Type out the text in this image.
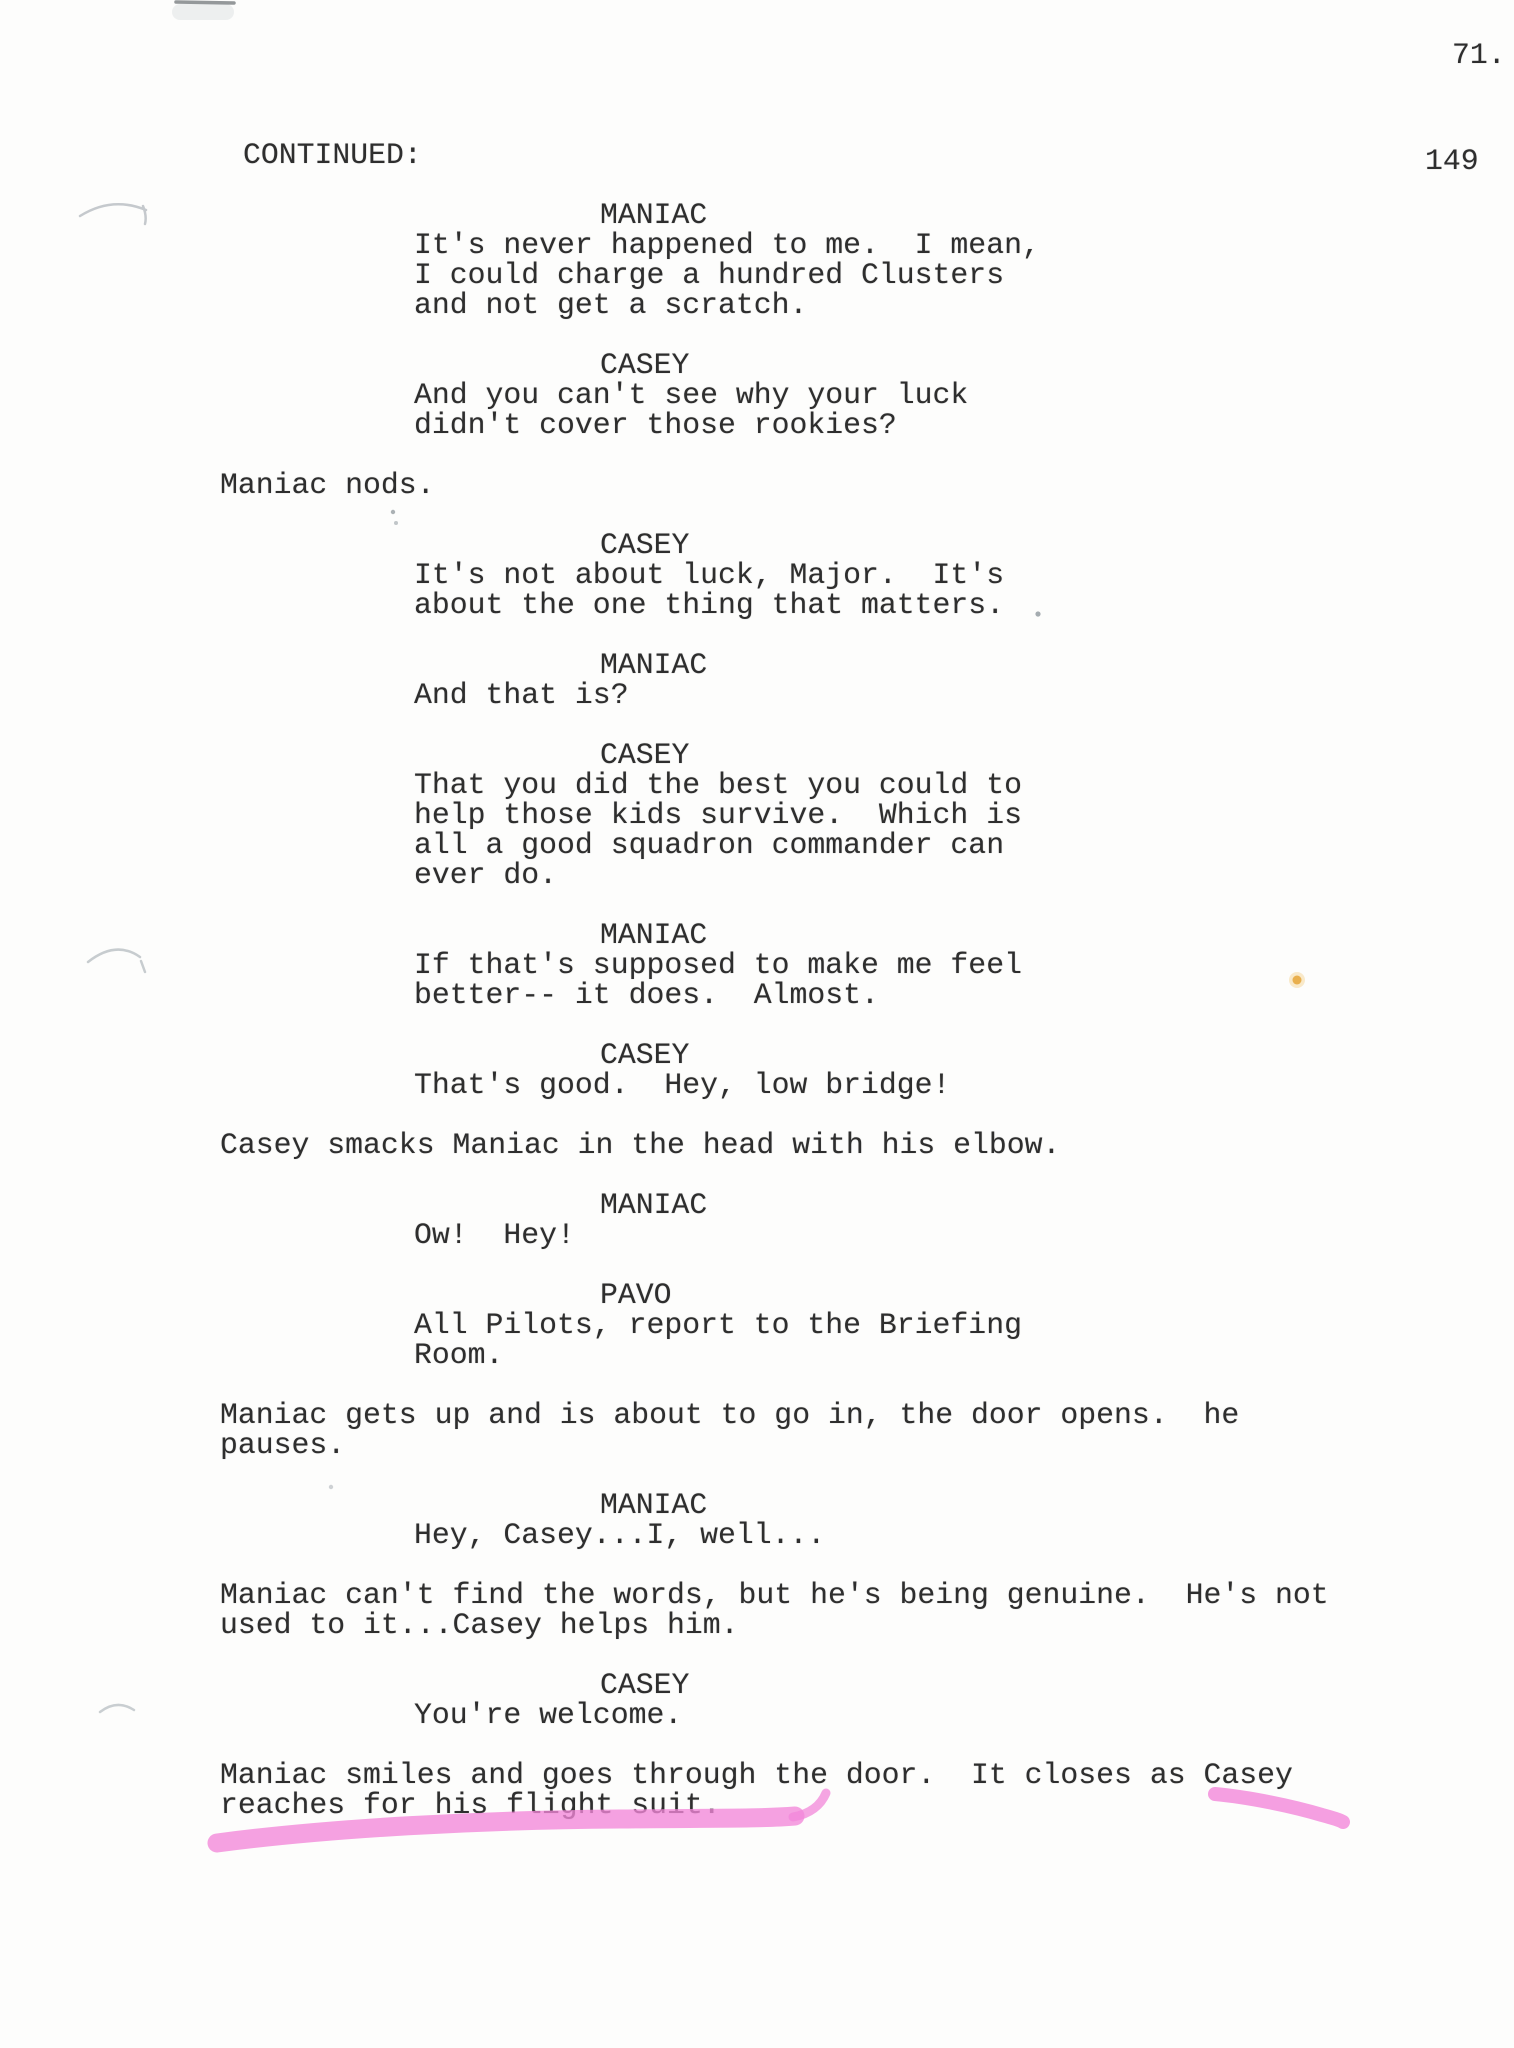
71.
CONTINUED:	149
MANIAC
It's never happened to me.  I mean,
I could charge a hundred Clusters
and not get a scratch.
CASEY
And you can't see why your luck
didn't cover those rookies?
Maniac nods.
CASEY
It's not about luck, Major.  It's
about the one thing that matters.
MANIAC
And that is?
CASEY
That you did the best you could to
help those kids survive.  Which is
all a good squadron commander can
ever do.
MANIAC
If that's supposed to make me feel
better-- it does.  Almost.
CASEY
That's good.  Hey, low bridge!
Casey smacks Maniac in the head with his elbow.
MANIAC
Ow!  Hey!
PAVO
All Pilots, report to the Briefing
Room.
Maniac gets up and is about to go in, the door opens.  he
pauses.
MANIAC
Hey, Casey...I, well...
Maniac can't find the words, but he's being genuine.  He's not
used to it...Casey helps him.
CASEY
You're welcome.
Maniac smiles and goes through the door.  It closes as Casey
reaches for his flight suit.
